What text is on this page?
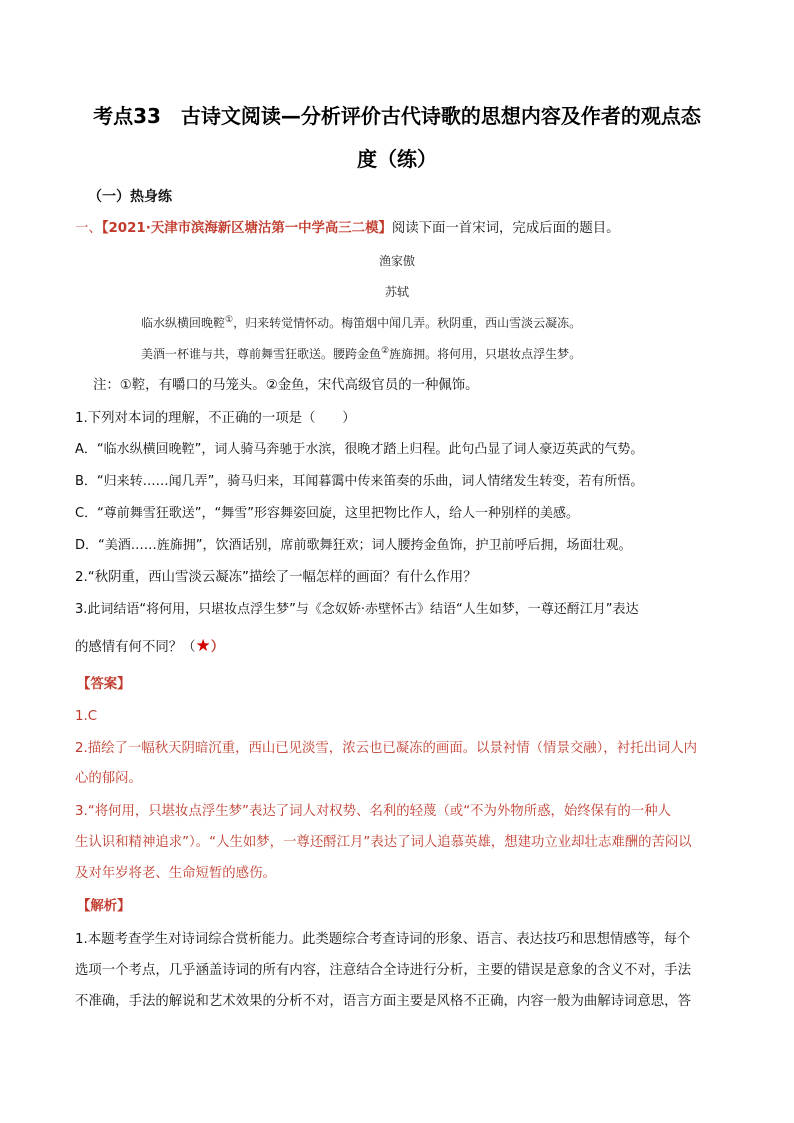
考点33　古诗文阅读—分析评价古代诗歌的思想内容及作者的观点态
度（练）
（一）热身练
一、【2021·天津市滨海新区塘沽第一中学高三二模】阅读下面一首宋词，完成后面的题目。
渔家傲
苏轼
临水纵横回晚鞚①，归来转觉情怀动。梅笛烟中闻几弄。秋阴重，西山雪淡云凝冻。
美酒一杯谁与共，尊前舞雪狂歌送。腰跨金鱼②旌旆拥。将何用，只堪妆点浮生梦。
注：①鞚，有嚼口的马笼头。②金鱼，宋代高级官员的一种佩饰。
1.下列对本词的理解，不正确的一项是（　　）
A．“临水纵横回晚鞚”，词人骑马奔驰于水滨，很晚才踏上归程。此句凸显了词人豪迈英武的气势。
B．“归来转……闻几弄”，骑马归来，耳闻暮霭中传来笛奏的乐曲，词人情绪发生转变，若有所悟。
C．“尊前舞雪狂歌送”，“舞雪”形容舞姿回旋，这里把物比作人，给人一种别样的美感。
D．“美酒……旌旆拥”，饮酒话别，席前歌舞狂欢；词人腰挎金鱼饰，护卫前呼后拥，场面壮观。
2.“秋阴重，西山雪淡云凝冻”描绘了一幅怎样的画面？有什么作用？
3.此词结语“将何用，只堪妆点浮生梦”与《念奴娇·赤壁怀古》结语“人生如梦，一尊还酹江月”表达
的感情有何不同？（★）
【答案】
1.C
2.描绘了一幅秋天阴暗沉重，西山已见淡雪，浓云也已凝冻的画面。以景衬情（情景交融），衬托出词人内
心的郁闷。
3.“将何用，只堪妆点浮生梦”表达了词人对权势、名利的轻蔑（或“不为外物所惑，始终保有的一种人
生认识和精神追求”）。“人生如梦，一尊还酹江月”表达了词人追慕英雄，想建功立业却壮志难酬的苦闷以
及对年岁将老、生命短暂的感伤。
【解析】
1.本题考查学生对诗词综合赏析能力。此类题综合考查诗词的形象、语言、表达技巧和思想情感等，每个
选项一个考点，几乎涵盖诗词的所有内容，注意结合全诗进行分析，主要的错误是意象的含义不对，手法
不准确，手法的解说和艺术效果的分析不对，语言方面主要是风格不正确，内容一般为曲解诗词意思，答
